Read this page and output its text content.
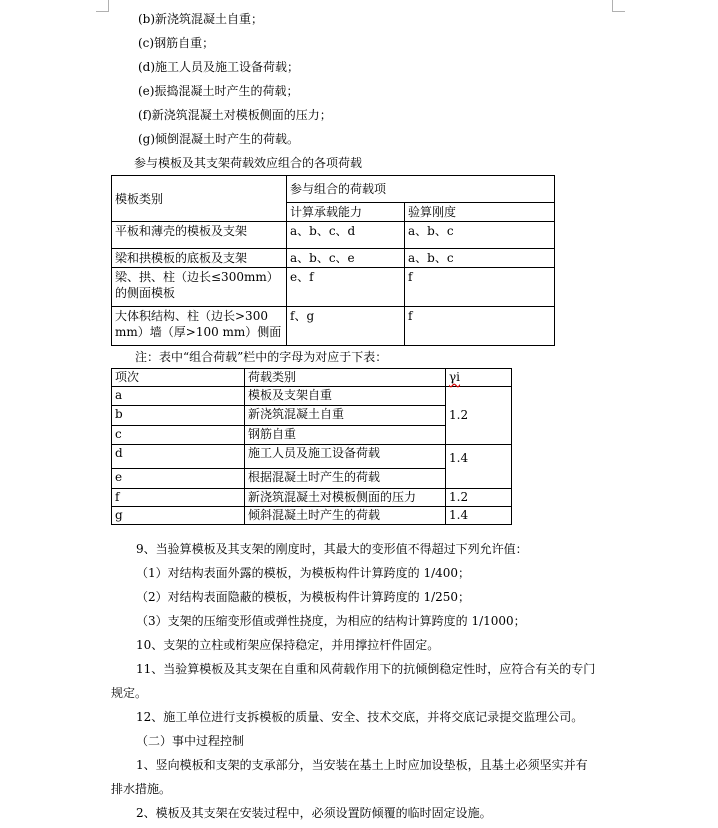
(b)新浇筑混凝土自重；
(c)钢筋自重；
(d)施工人员及施工设备荷载；
(e)振捣混凝土时产生的荷载；
(f)新浇筑混凝土对模板侧面的压力；
(g)倾倒混凝土时产生的荷载。
参与模板及其支架荷载效应组合的各项荷载
模板类别	参与组合的荷载项	
	计算承载能力	验算刚度
平板和薄壳的模板及支架	a、b、c、d	a、b、c
梁和拱模板的底板及支架	a、b、c、e	a、b、c

梁、拱、柱（边长≤300mm）
的侧面模板	e、f	f

大体积结构、柱（边长>300
mm）墙（厚>100 mm）侧面	f、g	f
注：表中“组合荷载”栏中的字母为对应于下表：
项次	荷载类别	γi
a	模板及支架自重	1.2
b	新浇筑混凝土自重	
c	钢筋自重	
d	施工人员及施工设备荷载	1.4
e	根据混凝土时产生的荷载	
f	新浇筑混凝土对模板侧面的压力	1.2
g	倾斜混凝土时产生的荷载	1.4
9、当验算模板及其支架的刚度时，其最大的变形值不得超过下列允许值：
（1）对结构表面外露的模板，为模板构件计算跨度的 1/400；
（2）对结构表面隐蔽的模板，为模板构件计算跨度的 1/250；
（3）支架的压缩变形值或弹性挠度，为相应的结构计算跨度的 1/1000；
10、支架的立柱或桁架应保持稳定，并用撑拉杆件固定。
11、当验算模板及其支架在自重和风荷载作用下的抗倾倒稳定性时，应符合有关的专门
规定。
12、施工单位进行支拆模板的质量、安全、技术交底，并将交底记录提交监理公司。
（二）事中过程控制
1、竖向模板和支架的支承部分，当安装在基土上时应加设垫板，且基土必须坚实并有
排水措施。
2、模板及其支架在安装过程中，必须设置防倾覆的临时固定设施。
